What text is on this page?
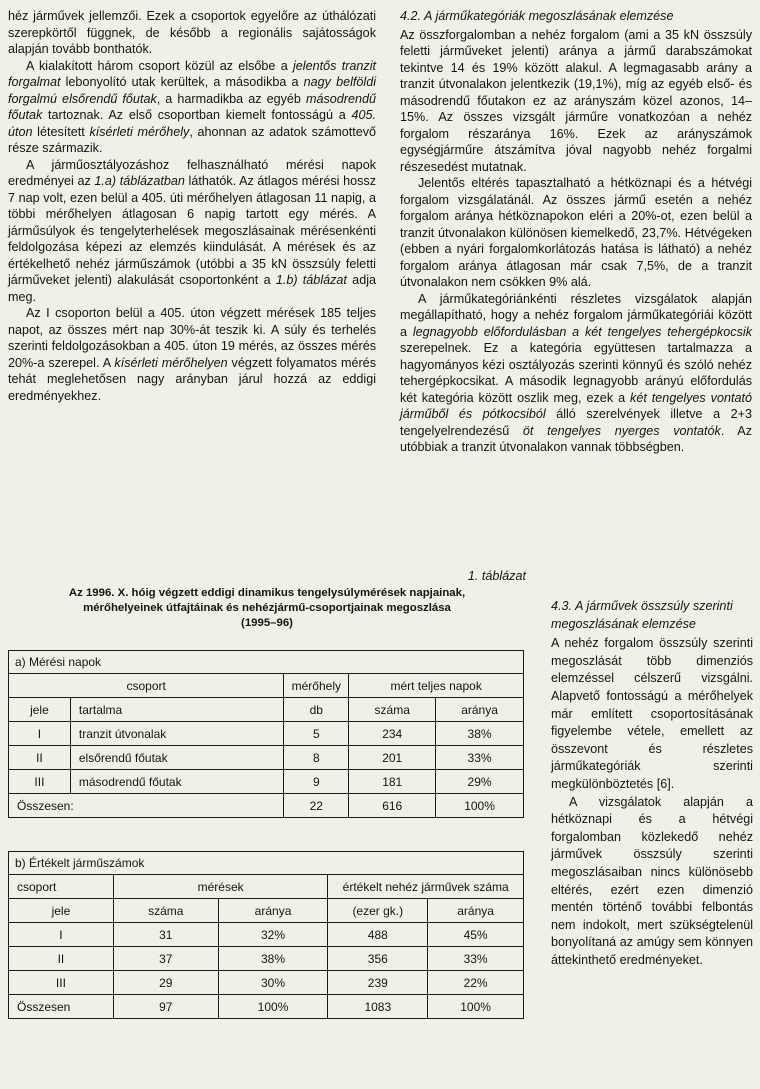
héz járművek jellemzői. Ezek a csoportok egyelőre az úthálózati szerepkörtől függnek, de később a regionális sajátosságok alapján tovább bonthatók.

A kialakított három csoport közül az elsőbe a jelentős tranzit forgalmat lebonyolító utak kerültek, a másodikba a nagy belföldi forgalmú elsőrendű főutak, a harmadikba az egyéb másodrendű főutak tartoznak. Az első csoportban kiemelt fontosságú a 405. úton létesített kísérleti mérőhely, ahonnan az adatok számottevő része származik.

A járműosztályozáshoz felhasználható mérési napok eredményei az 1.a) táblázatban láthatók. Az átlagos mérési hossz 7 nap volt, ezen belül a 405. úti mérőhelyen átlagosan 11 napig, a többi mérőhelyen átlagosan 6 napig tartott egy mérés. A járműsúlyok és tengelyterhelések megoszlásainak mérésenkénti feldolgozása képezi az elemzés kiindulását. A mérések és az értékelhető nehéz járműszámok (utóbbi a 35 kN összsúly feletti járműveket jelenti) alakulását csoportonként a 1.b) táblázat adja meg.

Az I csoporton belül a 405. úton végzett mérések 185 teljes napot, az összes mért nap 30%-át teszik ki. A súly és terhelés szerinti feldolgozásokban a 405. úton 19 mérés, az összes mérés 20%-a szerepel. A kísérleti mérőhelyen végzett folyamatos mérés tehát meglehetősen nagy arányban járul hozzá az eddigi eredményekhez.

4.2. A járműkategóriák megoszlásának elemzése

Az összforgalomban a nehéz forgalom (ami a 35 kN összsúly feletti járműveket jelenti) aránya a jármű darabszámokat tekintve 14 és 19% között alakul. A legmagasabb arány a tranzit útvonalakon jelentkezik (19,1%), míg az egyéb első- és másodrendű főutakon ez az arányszám közel azonos, 14–15%. Az összes vizsgált járműre vonatkozóan a nehéz forgalom részaránya 16%. Ezek az arányszámok egységjárműre átszámítva jóval nagyobb nehéz forgalmi részesedést mutatnak.

Jelentős eltérés tapasztalható a hétköznapi és a hétvégi forgalom vizsgálatánál. Az összes jármű esetén a nehéz forgalom aránya hétköznapokon eléri a 20%-ot, ezen belül a tranzit útvonalakon különösen kiemelkedő, 23,7%. Hétvégeken (ebben a nyári forgalomkorlátozás hatása is látható) a nehéz forgalom aránya átlagosan már csak 7,5%, de a tranzit útvonalakon nem csökken 9% alá.

A járműkategóriánkénti részletes vizsgálatok alapján megállapítható, hogy a nehéz forgalom járműkategóriái között a legnagyobb előfordulásban a két tengelyes tehergépkocsik szerepelnek. Ez a kategória együttesen tartalmazza a hagyományos kézi osztályozás szerinti könnyű és szóló nehéz tehergépkocsikat. A második legnagyobb arányú előfordulás két kategória között oszlik meg, ezek a két tengelyes vontató járműből és pótkocsiból álló szerelvények illetve a 2+3 tengelyelrendezésű öt tengelyes nyerges vontatók. Az utóbbiak a tranzit útvonalakon vannak többségben.

4.3. A járművek összsúly szerinti megoszlásának elemzése

A nehéz forgalom összsúly szerinti megoszlását több dimenziós elemzéssel célszerű vizsgálni. Alapvető fontosságú a mérőhelyek már említett csoportosításának figyelembe vétele, emellett az összevont és részletes járműkategóriák szerinti megkülönböztetés [6].

A vizsgálatok alapján a hétköznapi és a hétvégi forgalomban közlekedő nehéz járművek összsúly szerinti megoszlásaiban nincs különösebb eltérés, ezért ezen dimenzió mentén történő további felbontás nem indokolt, mert szükségtelenül bonyolítaná az amúgy sem könnyen áttekinthető eredményeket.

1. táblázat
Az 1996. X. hóig végzett eddigi dinamikus tengelysúlymérések napjainak,
mérőhelyeinek útfajtáinak és nehézjármű-csoportjainak megoszlása
(1995–96)
a) Mérési napok				
csoport		mérőhely	mért teljes napok	
jele	tartalma	db	száma	aránya
I	tranzit útvonalak	5	234	38%
II	elsőrendű főutak	8	201	33%
III	másodrendű főutak	9	181	29%
Összesen:		22	616	100%
b) Értékelt járműszámok				
csoport	mérések		értékelt nehéz járművek száma	
jele	száma	aránya	(ezer gk.)	aránya
I	31	32%	488	45%
II	37	38%	356	33%
III	29	30%	239	22%
Összesen	97	100%	1083	100%
